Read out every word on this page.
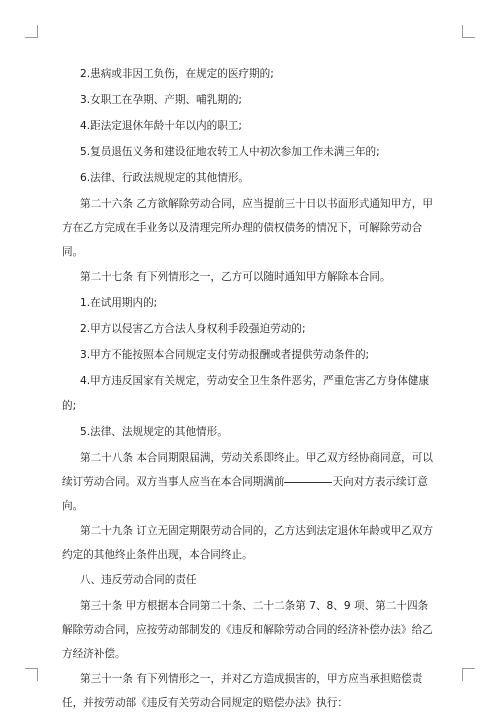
2.患病或非因工负伤，在规定的医疗期的;

3.女职工在孕期、产期、哺乳期的;

4.距法定退休年龄十年以内的职工;

5.复员退伍义务和建设征地农转工人中初次参加工作未满三年的;

6.法律、行政法规规定的其他情形。

第二十六条 乙方欲解除劳动合同，应当提前三十日以书面形式通知甲方，甲方在乙方完成在手业务以及清理完所办理的债权债务的情况下，可解除劳动合同。

第二十七条 有下列情形之一，乙方可以随时通知甲方解除本合同。

1.在试用期内的;

2.甲方以侵害乙方合法人身权利手段强迫劳动的;

3.甲方不能按照本合同规定支付劳动报酬或者提供劳动条件的;

4.甲方违反国家有关规定，劳动安全卫生条件恶劣，严重危害乙方身体健康的;

5.法律、法规规定的其他情形。

第二十八条 本合同期限届满，劳动关系即终止。甲乙双方经协商同意，可以续订劳动合同。双方当事人应当在本合同期满前	天向对方表示续订意向。

第二十九条 订立无固定期限劳动合同的，乙方达到法定退休年龄或甲乙双方约定的其他终止条件出现，本合同终止。

八、违反劳动合同的责任

第三十条 甲方根据本合同第二十条、二十二条第 7、8、9 项、第二十四条解除劳动合同，应按劳动部制发的《违反和解除劳动合同的经济补偿办法》给乙方经济补偿。

第三十一条 有下列情形之一，并对乙方造成损害的，甲方应当承担赔偿责任，并按劳动部《违反有关劳动合同规定的赔偿办法》执行：
